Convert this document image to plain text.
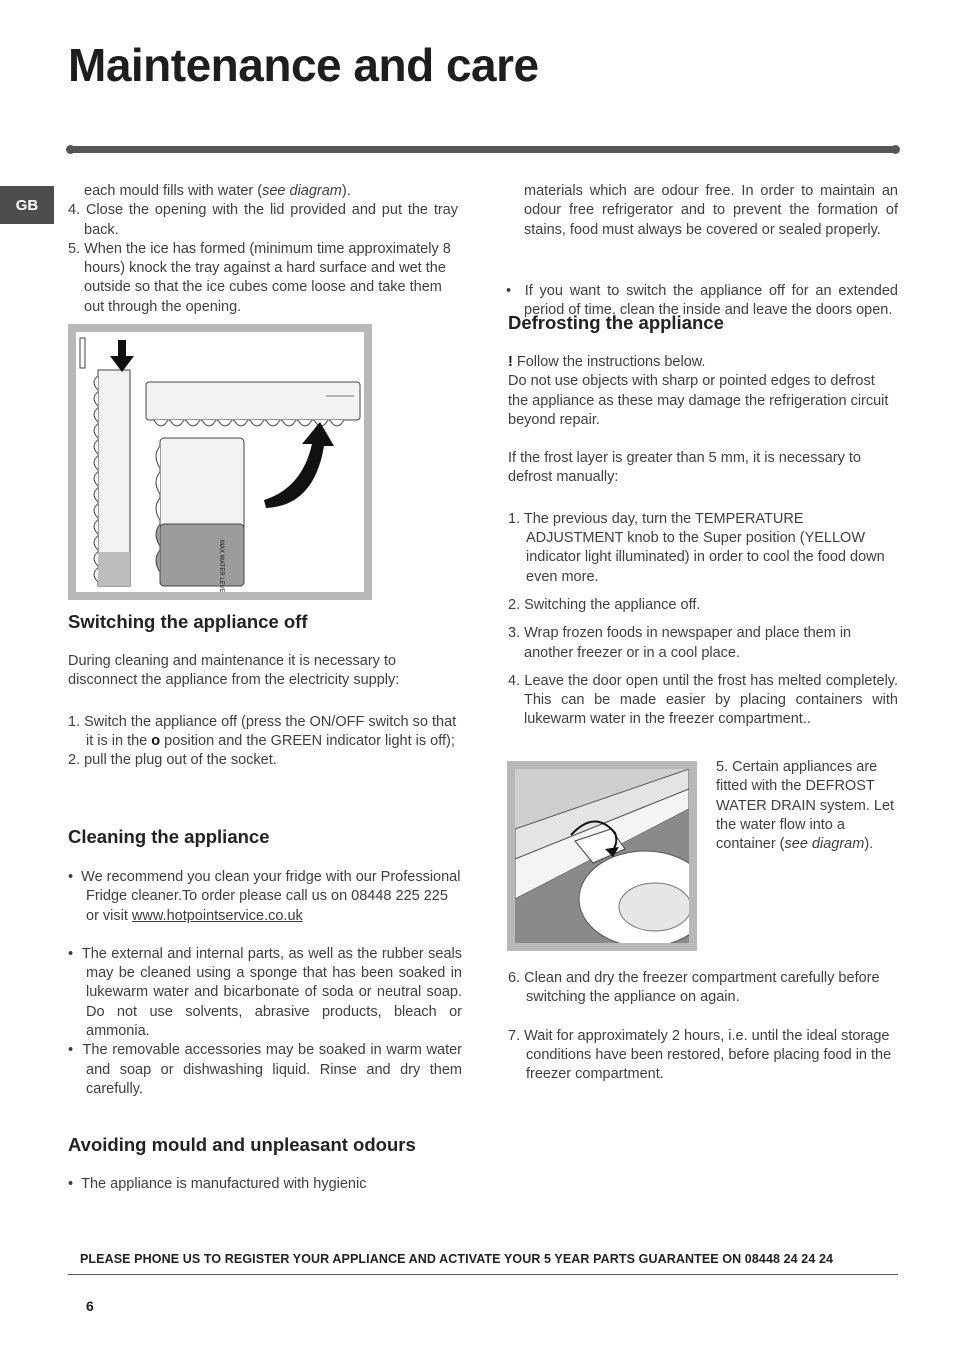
Maintenance and care
GB

each mould fills with water (see diagram).

4. Close the opening with the lid provided and put the tray back.

5. When the ice has formed (minimum time approximately 8 hours) knock the tray against a hard surface and wet the outside so that the ice cubes come loose and take them out through the opening.

MAX WATER LEVEL
Switching the appliance off

During cleaning and maintenance it is necessary to disconnect the appliance from the electricity supply:

1. Switch the appliance off (press the ON/OFF switch so that it is in the o position and the GREEN indicator light is off);

2. pull the plug out of the socket.

Cleaning the appliance

•  We recommend you clean your fridge with our Professional Fridge cleaner.To order please call us on 08448 225 225 or visit www.hotpointservice.co.uk

•  The external and internal parts, as well as the rubber seals may be cleaned using a sponge that has been soaked in lukewarm water and bicarbonate of soda or neutral soap. Do not use solvents, abrasive products, bleach or ammonia.

•  The removable accessories may be soaked in warm water and soap or dishwashing liquid. Rinse and dry them carefully.

Avoiding mould and unpleasant odours

•  The appliance is manufactured with hygienic

materials which are odour free. In order to maintain an odour free refrigerator and to prevent the formation of stains, food must always be covered or sealed properly.

•  If you want to switch the appliance off for an extended period of time, clean the inside and leave the doors open.

Defrosting the appliance

! Follow the instructions below.

Do not use objects with sharp or pointed edges to defrost the appliance as these may damage the refrigeration circuit beyond repair.

If the frost layer is greater than 5 mm, it is necessary to defrost manually:

1. The previous day, turn the TEMPERATURE ADJUSTMENT knob to the Super position (YELLOW indicator light illuminated) in order to cool the food down even more.

2. Switching the appliance off.

3. Wrap frozen foods in newspaper and place them in another freezer or in a cool place.

4. Leave the door open until the frost has melted completely. This can be made easier by placing containers with lukewarm water in the freezer compartment..

5. Certain appliances are fitted with the DEFROST WATER DRAIN system. Let the water flow into a container (see diagram).

6. Clean and dry the freezer compartment carefully before switching the appliance on again.

7. Wait for approximately 2 hours, i.e. until the ideal storage conditions have been restored, before placing food in the freezer compartment.

PLEASE PHONE US TO REGISTER YOUR APPLIANCE AND ACTIVATE YOUR 5 YEAR PARTS GUARANTEE ON 08448 24 24 24
6
